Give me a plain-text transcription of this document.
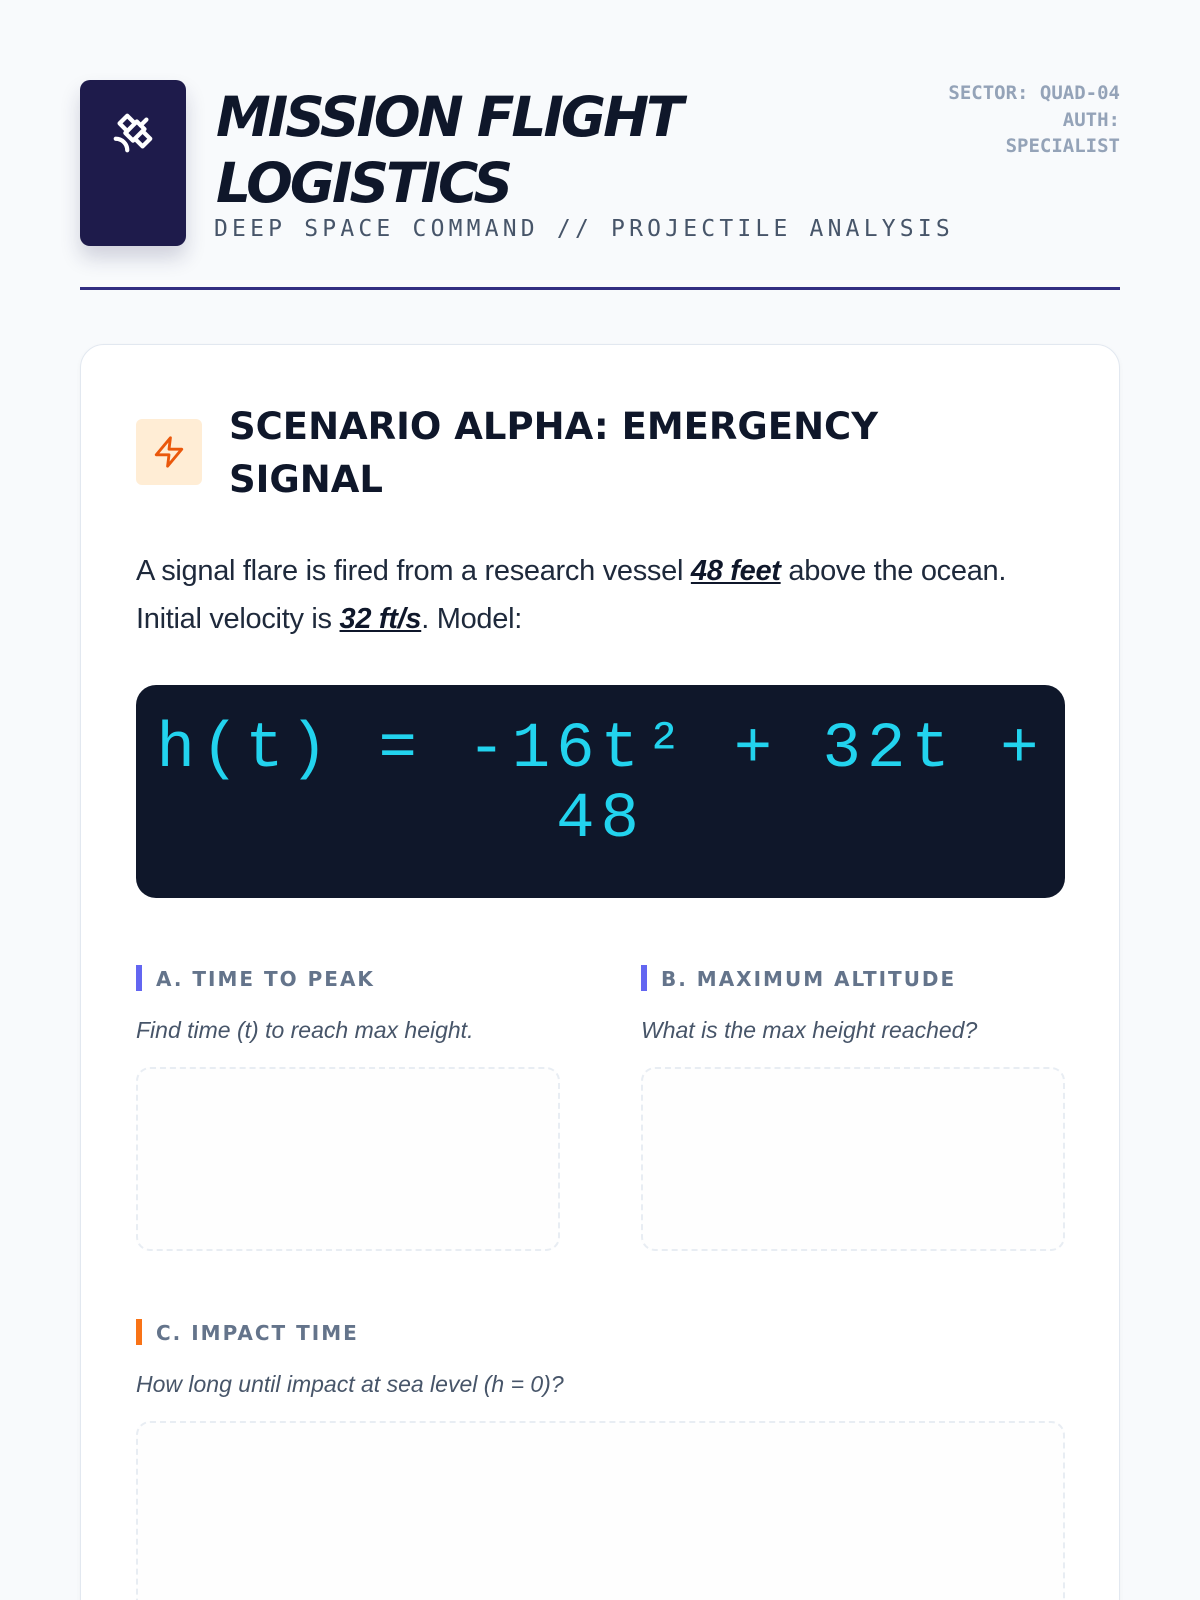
MISSION FLIGHT
LOGISTICS
DEEP SPACE COMMAND // PROJECTILE ANALYSIS
SECTOR: QUAD-04
AUTH: SPECIALIST
SCENARIO ALPHA: EMERGENCY SIGNAL

A signal flare is fired from a research vessel 48 feet above the ocean. Initial velocity is 32 ft/s. Model:

h(t) = -16t² + 32t + 48
A. TIME TO PEAK
Find time (t) to reach max height.
B. MAXIMUM ALTITUDE
What is the max height reached?
C. IMPACT TIME
How long until impact at sea level (h = 0)?
